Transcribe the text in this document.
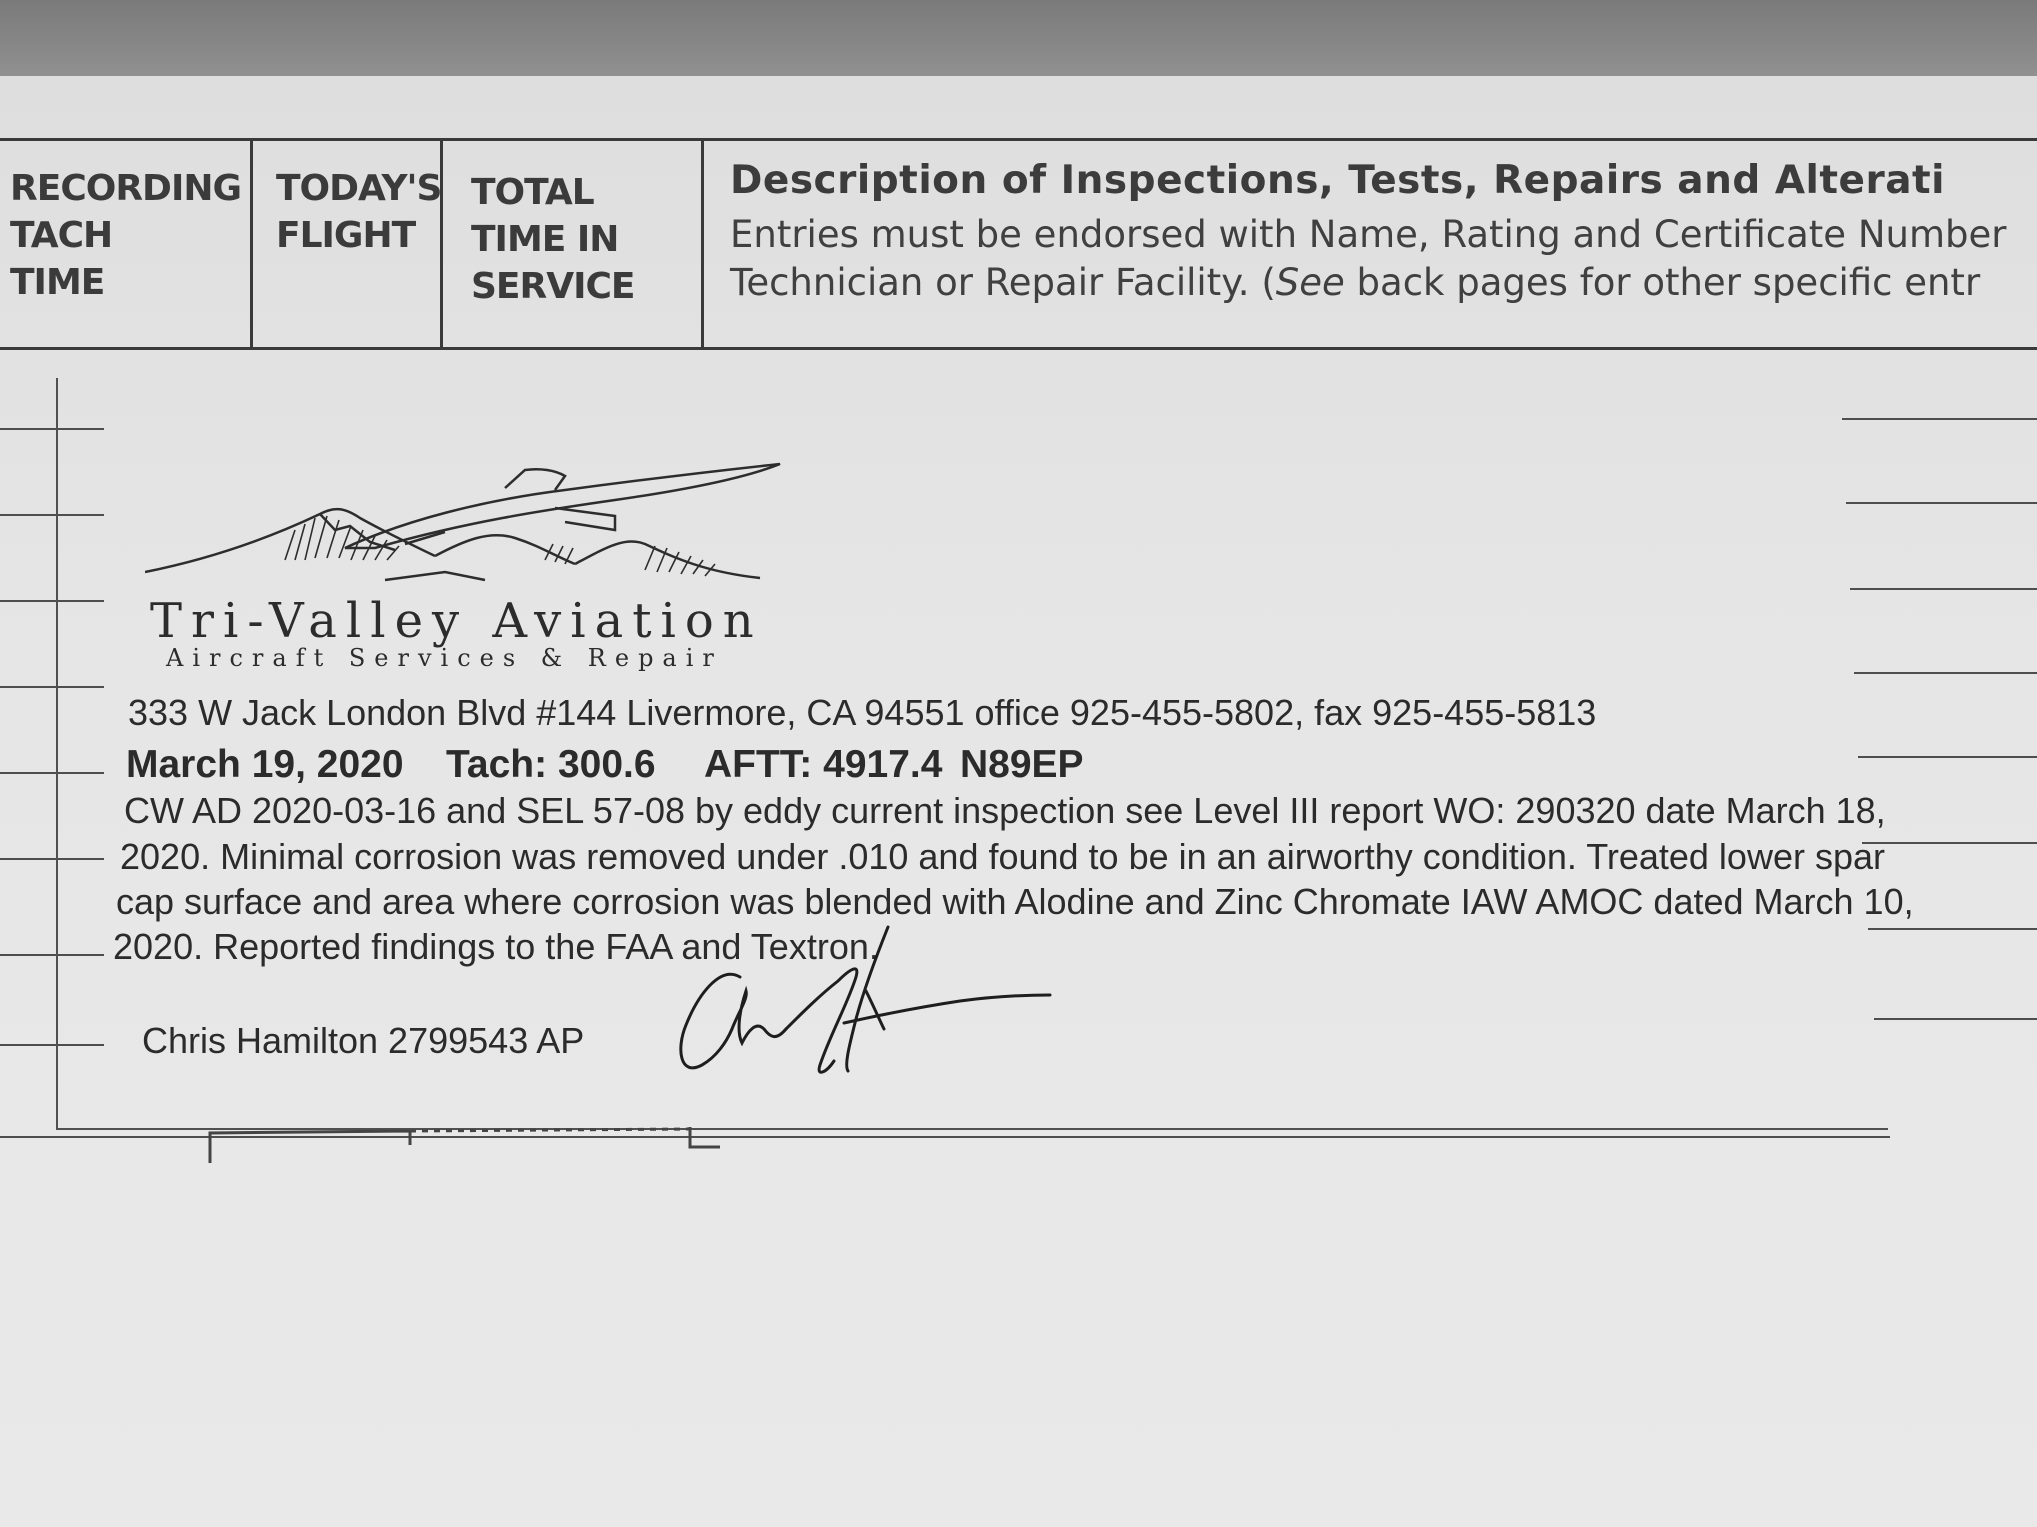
RECORDING
TACH
TIME
TODAY'S
FLIGHT
TOTAL
TIME IN
SERVICE
Description of Inspections, Tests, Repairs and Alterati
Entries must be endorsed with Name, Rating and Certificate Number
Technician or Repair Facility. (See back pages for other specific entr
Tri-Valley Aviation
Aircraft Services & Repair
333 W Jack London Blvd #144 Livermore, CA 94551 office 925-455-5802, fax 925-455-5813
March 19, 2020 Tach: 300.6 AFTT: 4917.4 N89EP
CW AD 2020-03-16 and SEL 57-08 by eddy current inspection see Level III report WO: 290320 date March 18,
2020. Minimal corrosion was removed under .010 and found to be in an airworthy condition. Treated lower spar
cap surface and area where corrosion was blended with Alodine and Zinc Chromate IAW AMOC dated March 10,
2020. Reported findings to the FAA and Textron.
Chris Hamilton 2799543 AP
